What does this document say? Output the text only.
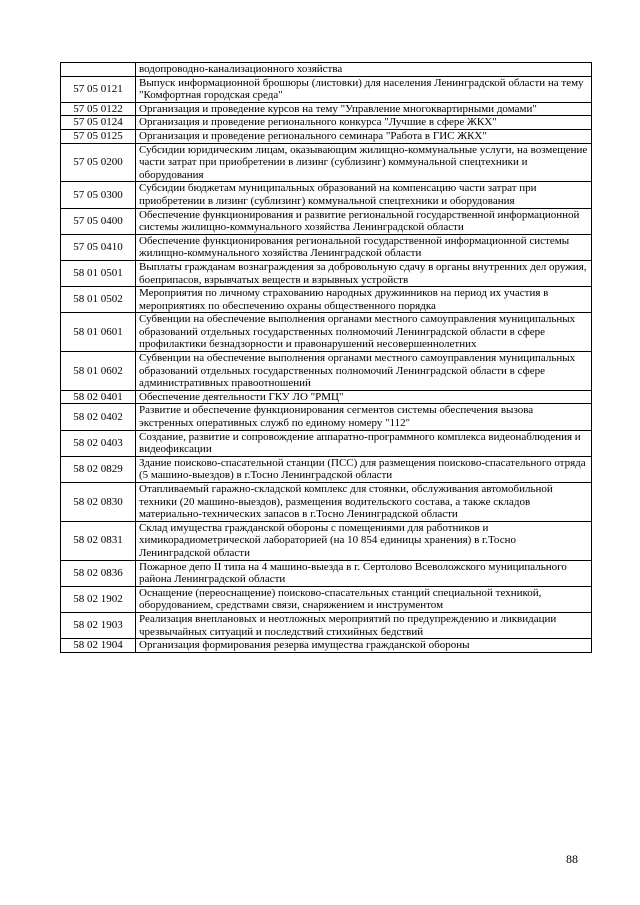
	водопроводно-канализационного хозяйства
57 05 0121	Выпуск информационной брошюры (листовки) для населения Ленинградской области на тему "Комфортная городская среда"
57 05 0122	Организация и проведение курсов на тему "Управление многоквартирными домами"
57 05 0124	Организация и проведение регионального конкурса "Лучшие в сфере ЖКХ"
57 05 0125	Организация и проведение регионального семинара "Работа в ГИС ЖКХ"
57 05 0200	Субсидии юридическим лицам, оказывающим жилищно-коммунальные услуги, на возмещение части затрат при приобретении в лизинг (сублизинг) коммунальной спецтехники и оборудования
57 05 0300	Субсидии бюджетам муниципальных образований на компенсацию части затрат при приобретении в лизинг (сублизинг) коммунальной спецтехники и оборудования
57 05 0400	Обеспечение функционирования и развитие региональной государственной информационной системы жилищно-коммунального хозяйства Ленинградской области
57 05 0410	Обеспечение функционирования региональной государственной информационной системы жилищно-коммунального хозяйства Ленинградской области
58 01 0501	Выплаты гражданам вознаграждения за добровольную сдачу в органы внутренних дел оружия, боеприпасов, взрывчатых веществ и взрывных устройств
58 01 0502	Мероприятия по личному страхованию народных дружинников на период их участия в мероприятиях по обеспечению охраны общественного порядка
58 01 0601	Субвенции на обеспечение выполнения органами местного самоуправления муниципальных образований отдельных государственных полномочий Ленинградской области в сфере профилактики безнадзорности и правонарушений несовершеннолетних
58 01 0602	Субвенции на обеспечение выполнения органами местного самоуправления муниципальных образований отдельных государственных полномочий Ленинградской области в сфере административных правоотношений
58 02 0401	Обеспечение деятельности ГКУ ЛО "РМЦ"
58 02 0402	Развитие и обеспечение функционирования сегментов системы обеспечения вызова экстренных оперативных служб по единому номеру "112"
58 02 0403	Создание, развитие и сопровождение аппаратно-программного комплекса видеонаблюдения и видеофиксации
58 02 0829	Здание поисково-спасательной станции (ПСС) для размещения поисково-спасательного отряда (5 машино-выездов) в г.Тосно Ленинградской области
58 02 0830	Отапливаемый гаражно-складской комплекс для стоянки, обслуживания автомобильной техники (20 машино-выездов), размещения водительского состава, а также складов материально-технических запасов в г.Тосно Ленинградской области
58 02 0831	Склад имущества гражданской обороны с помещениями для работников и химикорадиометрической лабораторией (на 10 854 единицы хранения) в г.Тосно Ленинградской области
58 02 0836	Пожарное депо II типа на 4 машино-выезда в г. Сертолово Всеволожского муниципального района Ленинградской области
58 02 1902	Оснащение (переоснащение) поисково-спасательных станций специальной техникой, оборудованием, средствами связи, снаряжением и инструментом
58 02 1903	Реализация внеплановых и неотложных мероприятий по предупреждению и ликвидации чрезвычайных ситуаций и последствий стихийных бедствий
58 02 1904	Организация формирования резерва имущества гражданской обороны
88
